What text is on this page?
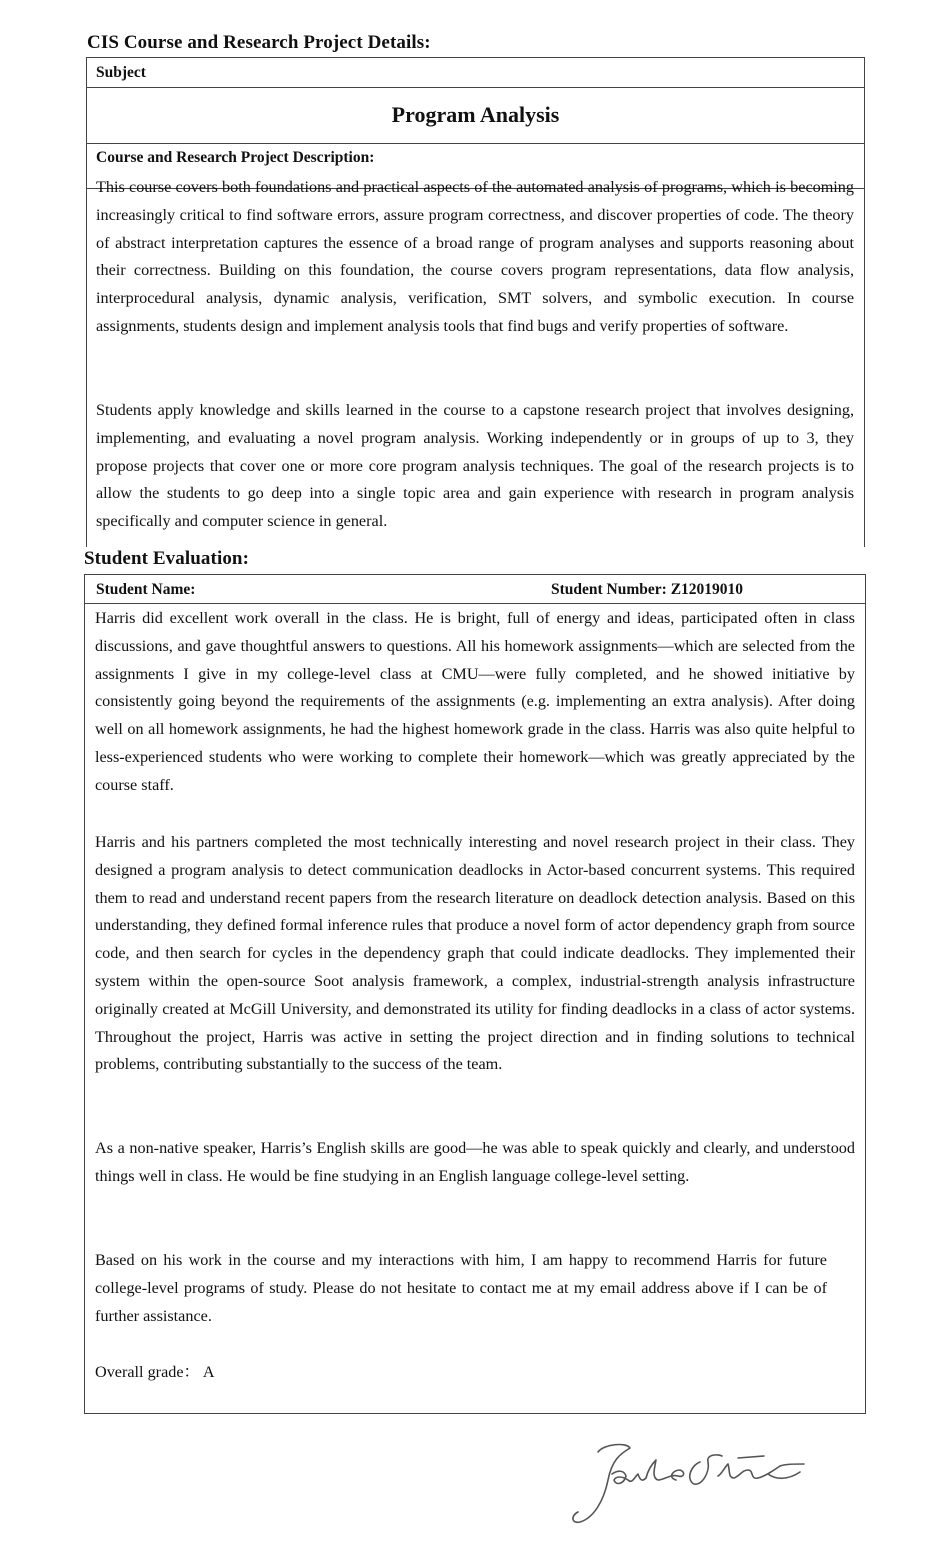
CIS Course and Research Project Details:
Subject
Program Analysis
Course and Research Project Description:

This course covers both foundations and practical aspects of the automated analysis of programs, which is becoming increasingly critical to find software errors, assure program correctness, and discover properties of code. The theory of abstract interpretation captures the essence of a broad range of program analyses and supports reasoning about their correctness. Building on this foundation, the course covers program representations, data flow analysis, interprocedural analysis, dynamic analysis, verification, SMT solvers, and symbolic execution. In course assignments, students design and implement analysis tools that find bugs and verify properties of software.

Students apply knowledge and skills learned in the course to a capstone research project that involves designing, implementing, and evaluating a novel program analysis. Working independently or in groups of up to 3, they propose projects that cover one or more core program analysis techniques. The goal of the research projects is to allow the students to go deep into a single topic area and gain experience with research in program analysis specifically and computer science in general.

Student Evaluation:
Student Name:	Student Number: Z12019010

Harris did excellent work overall in the class. He is bright, full of energy and ideas, participated often in class discussions, and gave thoughtful answers to questions. All his homework assignments—which are selected from the assignments I give in my college-level class at CMU—were fully completed, and he showed initiative by consistently going beyond the requirements of the assignments (e.g. implementing an extra analysis). After doing well on all homework assignments, he had the highest homework grade in the class. Harris was also quite helpful to less-experienced students who were working to complete their homework—which was greatly appreciated by the course staff.

Harris and his partners completed the most technically interesting and novel research project in their class. They designed a program analysis to detect communication deadlocks in Actor-based concurrent systems. This required them to read and understand recent papers from the research literature on deadlock detection analysis. Based on this understanding, they defined formal inference rules that produce a novel form of actor dependency graph from source code, and then search for cycles in the dependency graph that could indicate deadlocks. They implemented their system within the open-source Soot analysis framework, a complex, industrial-strength analysis infrastructure originally created at McGill University, and demonstrated its utility for finding deadlocks in a class of actor systems. Throughout the project, Harris was active in setting the project direction and in finding solutions to technical problems, contributing substantially to the success of the team.

As a non-native speaker, Harris’s English skills are good—he was able to speak quickly and clearly, and understood things well in class. He would be fine studying in an English language college-level setting.

Based on his work in the course and my interactions with him, I am happy to recommend Harris for future college-level programs of study. Please do not hesitate to contact me at my email address above if I can be of further assistance.

Overall grade： A
